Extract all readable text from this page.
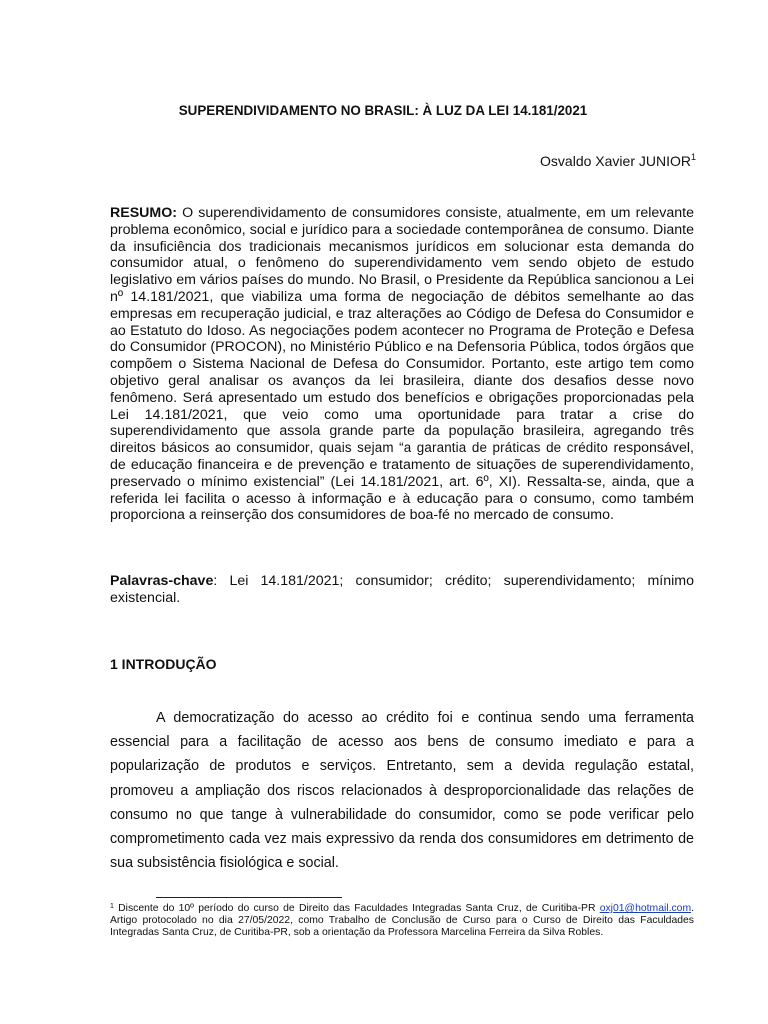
SUPERENDIVIDAMENTO NO BRASIL: À LUZ DA LEI 14.181/2021
Osvaldo Xavier JUNIOR$^1$

RESUMO: O superendividamento de consumidores consiste, atualmente, em um relevante problema econômico, social e jurídico para a sociedade contemporânea de consumo. Diante da insuficiência dos tradicionais mecanismos jurídicos em solucionar esta demanda do consumidor atual, o fenômeno do superendividamento vem sendo objeto de estudo legislativo em vários países do mundo. No Brasil, o Presidente da República sancionou a Lei nº 14.181/2021, que viabiliza uma forma de negociação de débitos semelhante ao das empresas em recuperação judicial, e traz alterações ao Código de Defesa do Consumidor e ao Estatuto do Idoso. As negociações podem acontecer no Programa de Proteção e Defesa do Consumidor (PROCON), no Ministério Público e na Defensoria Pública, todos órgãos que compõem o Sistema Nacional de Defesa do Consumidor. Portanto, este artigo tem como objetivo geral analisar os avanços da lei brasileira, diante dos desafios desse novo fenômeno. Será apresentado um estudo dos benefícios e obrigações proporcionadas pela Lei 14.181/2021, que veio como uma oportunidade para tratar a crise do superendividamento que assola grande parte da população brasileira, agregando três direitos básicos ao consumidor, quais sejam “a garantia de práticas de crédito responsável, de educação financeira e de prevenção e tratamento de situações de superendividamento, preservado o mínimo existencial” (Lei 14.181/2021, art. 6º, XI). Ressalta-se, ainda, que a referida lei facilita o acesso à informação e à educação para o consumo, como também proporciona a reinserção dos consumidores de boa-fé no mercado de consumo.

Palavras-chave: Lei 14.181/2021; consumidor; crédito; superendividamento; mínimo existencial.

1 INTRODUÇÃO

A democratização do acesso ao crédito foi e continua sendo uma ferramenta essencial para a facilitação de acesso aos bens de consumo imediato e para a popularização de produtos e serviços. Entretanto, sem a devida regulação estatal, promoveu a ampliação dos riscos relacionados à desproporcionalidade das relações de consumo no que tange à vulnerabilidade do consumidor, como se pode verificar pelo comprometimento cada vez mais expressivo da renda dos consumidores em detrimento de sua subsistência fisiológica e social.

$^1$ Discente do 10º período do curso de Direito das Faculdades Integradas Santa Cruz, de Curitiba-PR oxj01@hotmail.com. Artigo protocolado no dia 27/05/2022, como Trabalho de Conclusão de Curso para o Curso de Direito das Faculdades Integradas Santa Cruz, de Curitiba-PR, sob a orientação da Professora Marcelina Ferreira da Silva Robles.
